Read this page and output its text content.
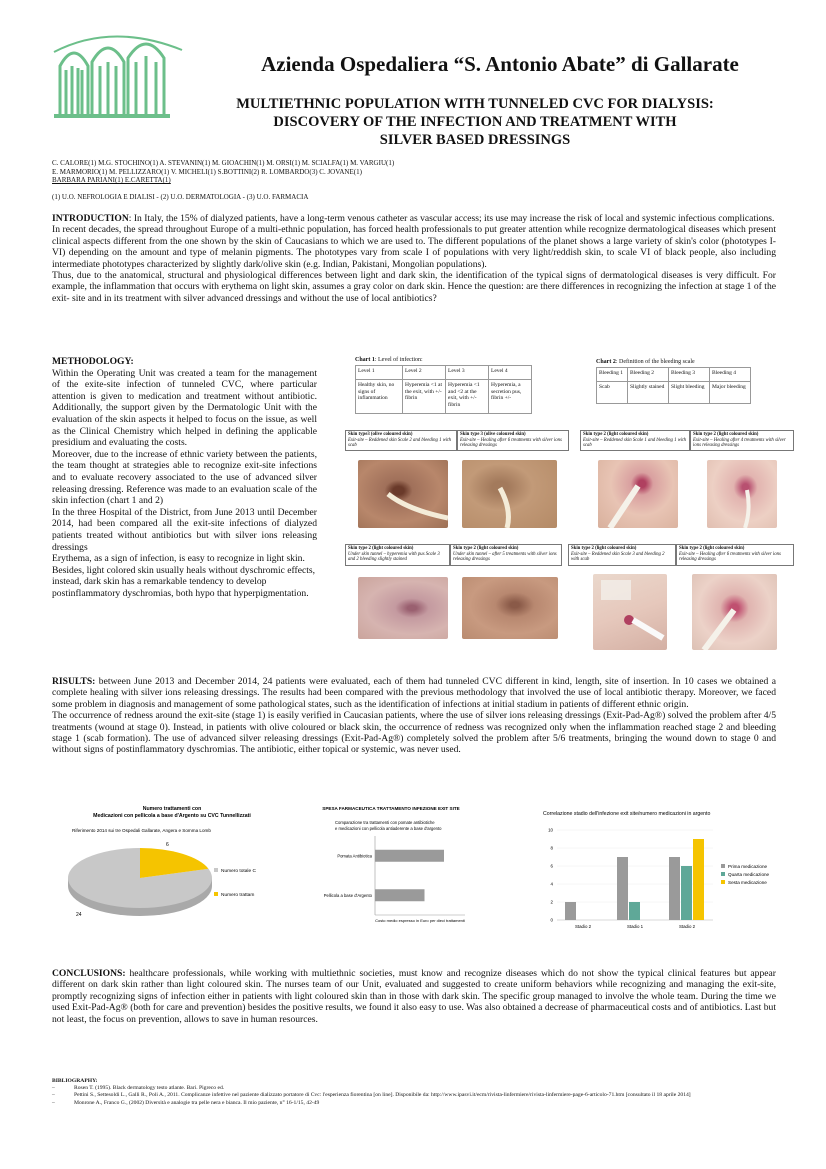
Azienda Ospedaliera “S. Antonio Abate” di Gallarate
MULTIETHNIC POPULATION WITH TUNNELED CVC FOR DIALYSIS:
DISCOVERY OF THE INFECTION AND TREATMENT WITH
SILVER BASED DRESSINGS
C. CALORE(1) M.G. STOCHINO(1) A. STEVANIN(1) M. GIOACHIN(1) M. ORSI(1) M. SCIALFA(1) M. VARGIU(1)
E. MARMORIO(1) M. PELLIZZARO(1) V. MICHELI(1) S.BOTTINI(2) R. LOMBARDO(3) C. JOVANE(1)
BARBARA PARIANI(1) E.CARETTA(1)
(1) U.O. NEFROLOGIA E DIALISI - (2) U.O. DERMATOLOGIA - (3) U.O. FARMACIA

INTRODUCTION: In Italy, the 15% of dialyzed patients, have a long-term venous catheter as vascular access; its use may increase the risk of local and systemic infectious complications.

In recent decades, the spread throughout Europe of a multi-ethnic population, has forced health professionals to put greater attention while recognize dermatological diseases which present clinical aspects different from the one shown by the skin of Caucasians to which we are used to. The different populations of the planet shows a large variety of skin's color (phototypes I-VI) depending on the amount and type of melanin pigments. The phototypes vary from scale I of populations with very light/reddish skin, to scale VI of black people, also including intermediate phototypes characterized by slightly dark/olive skin (e.g. Indian, Pakistani, Mongolian populations).

Thus, due to the anatomical, structural and physiological differences between light and dark skin, the identification of the typical signs of dermatological diseases is very difficult. For example, the inflammation that occurs with erythema on light skin, assumes a gray color on dark skin. Hence the question: are there differences in recognizing the infection at stage 1 of the exit- site and in its treatment with silver advanced dressings and without the use of local antibiotics?

METHODOLOGY:

Within the Operating Unit was created a team for the management of the exite-site infection of tunneled CVC, where particular attention is given to medication and treatment without antibiotic. Additionally, the support given by the Dermatologic Unit with the evaluation of the skin aspects it helped to focus on the issue, as well as the Clinical Chemistry which helped in defining the applicable presidium and evaluating the costs.

Moreover, due to the increase of ethnic variety between the patients, the team thought at strategies able to recognize exit-site infections and to evaluate recovery associated to the use of advanced silver releasing dressing. Reference was made to an evaluation scale of the skin infection (chart 1 and 2)

In the three Hospital of the District, from June 2013 until December 2014, had been compared all the exit-site infections of dialyzed patients treated without antibiotics but with silver ions releasing dressings

Erythema, as a sign of infection, is easy to recognize in light skin. Besides, light colored skin usually heals without dyschromic effects, instead, dark skin has a remarkable tendency to develop postinflammatory dyschromias, both hypo that hyperpigmentation.

Chart 1: Level of infection:
Level 1	Level 2	Level 3	Level 4
Healthy skin, no signs of inflammation	Hyperemia <1 at the exit, with +/- fibrin	Hyperemia <1 and <2 at the exit, with +/- fibrin	Hyperemia, a secretion pus, fibrin +/-
Chart 2: Definition of the bleeding scale
Bleeding 1	Bleeding 2	Bleeding 3	Bleeding 4
Scab	Slightly stained	Slight bleeding	Major bleeding
Skin type3 (olive coloured skin)
Exit-site – Reddened skin Scale 2 and bleeding 1 with scab
Skin type 3 (olive coloured skin)
Exit-site – Healing after 6 treatments with silver ions releasing dressings
Skin type 2 (light coloured skin)
Exit-site – Reddened skin Scale 1 and bleeding 1 with scab
Skin type 2 (light coloured skin)
Exit-site – Healing after 4 treatments with silver ions releasing dressings
Skin type 2 (light coloured skin)
Under skin tunnel – hyperemia with pus Scale 3 and 2 bleeding slightly stained
Skin type 2 (light coloured skin)
Under skin tunnel – after 5 treatments with silver ions releasing dressings
Skin type 2 (light coloured skin)
Exit-site – Reddened skin Scale 3 and bleeding 2 with scab
Skin type 2 (light coloured skin)
Exit-site – Healing after 6 treatments with silver ions releasing dressings

RISULTS: between June 2013 and December 2014, 24 patients were evaluated, each of them had tunneled CVC different in kind, length, site of insertion. In 10 cases we obtained a complete healing with silver ions releasing dressings. The results had been compared with the previous methodology that involved the use of local antibiotic therapy. Moreover, we faced some problem in diagnosis and management of some pathological states, such as the identification of infections at initial stadium in patients of different ethnic origin.

The occurrence of redness around the exit-site (stage 1) is easily verified in Caucasian patients, where the use of silver ions releasing dressings (Exit-Pad-Ag®) solved the problem after 4/5 treatments (wound at stage 0). Instead, in patients with olive coloured or black skin, the occurrence of redness was recognized only when the inflammation reached stage 2 and bleeding stage 1 (scab formation). The use of advanced silver releasing dressings (Exit-Pad-Ag®) completely solved the problem after 5/6 treatments, bringing the wound down to stage 0 and without signs of postinflammatory dyschromias. The antibiotic, either topical or systemic, was never used.

Numero trattamenti con
Medicazioni con pellicola a base d'Argento su CVC Tunnellizzati
Riferimento 2014 sui tre Ospedali Gallarate, Angera e Somma Lomb
24
6
Numero totale C
Numero trattam
SPESA FARMACEUTICA TRATTAMENTO INFEZIONE EXIT SITE
Comparazione tra trattamenti con pomate antibiotiche
e medicazioni con pellicola antiaderente a base d'argento
Pomata Antibiotica
Pellicola a base d'Argento
Costo medio espresso in Euro per dieci trattamenti
Correlazione stadio dell'infezione exit site/numero medicazioni in argento
0
2
4
6
8
10
Stadio 2	Stadio 1	Stadio 2
Prima medicazione
Quarta medicazione
Sesta medicazione

CONCLUSIONS: healthcare professionals, while working with multiethnic societies, must know and recognize diseases which do not show the typical clinical features but appear different on dark skin rather than light coloured skin. The nurses team of our Unit, evaluated and suggested to create uniform behaviors while recognizing and managing the exit-site, promptly recognizing signs of infection either in patients with light coloured skin than in those with dark skin. The specific group managed to involve the whole team. During the time we used Exit-Pad-Ag® (both for care and prevention) besides the positive results, we found it also easy to use. Was also obtained a decrease of pharmaceutical costs and of antibiotics. Last but not least, the focus on prevention, allows to save in human resources.

BIBLIOGRAPHY:
–	Rosen T. (1995). Black dermatology testo atlante. Bari. Pigreco ed.
–	Pettini S., Settesoldi L., Galli R., Poli A., 2011. Complicanze infettive nel paziente dializzato portatore di Cvc: l'esperienza fiorentina [on line]. Disponibile da: http://www.ipasvi.it/ecm/rivista-linfermiere/rivista-linfermiere-page-6-articolo-71.htm [consultato il 18 aprile 2014]
–	Monrone A., Franco G., (2002) Diversità e analogie tra pelle nera e bianca. Il mio paziente, n° 16-1/15, 42-49
